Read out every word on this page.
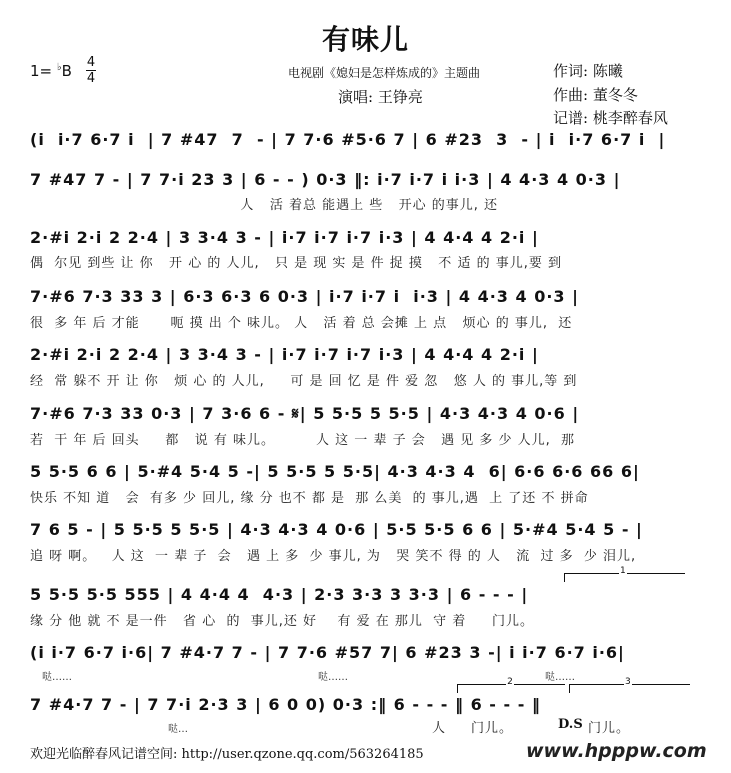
有味儿
1= ♭B 4
4	电视剧《媳妇是怎样炼成的》主题曲
演唱: 王铮亮
作词: 陈曦
作曲: 董冬冬
记谱: 桃李醉春风
(i  i·7 6·7 i  | 7 #47  7  - | 7 7·6 #5·6 7 | 6 #23  3  - | i  i·7 6·7 i  |
7 #47 7 - | 7 7·i 23 3 | 6 - - ) 0·3 ‖: i·7 i·7 i i·3 | 4 4·3 4 0·3 |
人   活 着总 能遇上 些   开心 的事儿, 还
2·#i 2·i 2 2·4 | 3 3·4 3 - | i·7 i·7 i·7 i·3 | 4 4·4 4 2·i |
偶  尔见 到些 让 你   开 心 的 人儿,   只 是 现 实 是 件 捉 摸   不 适 的 事儿,要 到
7·#6 7·3 33 3 | 6·3 6·3 6 0·3 | i·7 i·7 i  i·3 | 4 4·3 4 0·3 |
很  多 年 后 才能      呃 摸 出 个 味儿。 人   活 着 总 会摊 上 点   烦心 的 事儿,  还
2·#i 2·i 2 2·4 | 3 3·4 3 - | i·7 i·7 i·7 i·3 | 4 4·4 4 2·i |
经  常 躲不 开 让 你   烦 心 的 人儿,     可 是 回 忆 是 件 爱 忽   悠 人 的 事儿,等 到
7·#6 7·3 33 0·3 | 7 3·6 6 - 𝄋| 5 5·5 5 5·5 | 4·3 4·3 4 0·6 |
若  干 年 后 回头     都   说 有 味儿。        人 这 一 辈 子 会   遇 见 多 少 人儿,  那
5 5·5 6 6 | 5·#4 5·4 5 -| 5 5·5 5 5·5| 4·3 4·3 4  6| 6·6 6·6 66 6|
快乐 不知 道   会  有多 少 回儿, 缘 分 也不 都 是  那 么美  的 事儿,遇  上 了还 不 拼命
7 6 5 - | 5 5·5 5 5·5 | 4·3 4·3 4 0·6 | 5·5 5·5 6 6 | 5·#4 5·4 5 - |
追 呀 啊。   人 这  一 辈 子  会   遇 上 多  少 事儿, 为   哭 笑不 得 的 人   流  过 多  少 泪儿,
1
5 5·5 5·5 555 | 4 4·4 4  4·3 | 2·3 3·3 3 3·3 | 6 - - - |
缘 分 他 就 不 是一件   省 心  的  事儿,还 好    有 爱 在 那儿  守 着     门儿。
(i i·7 6·7 i·6| 7 #4·7 7 - | 7 7·6 #57 7| 6 #23 3 -| i i·7 6·7 i·6|
哒……	哒……	哒……
2	3
7 #4·7 7 - | 7 7·i 2·3 3 | 6 0 0) 0·3 :‖ 6 - - - ‖ 6 - - - ‖
哒…	人 门儿。	D.S 门儿。
欢迎光临醉春风记谱空间: http://user.qzone.qq.com/563264185	www.hpppw.com
